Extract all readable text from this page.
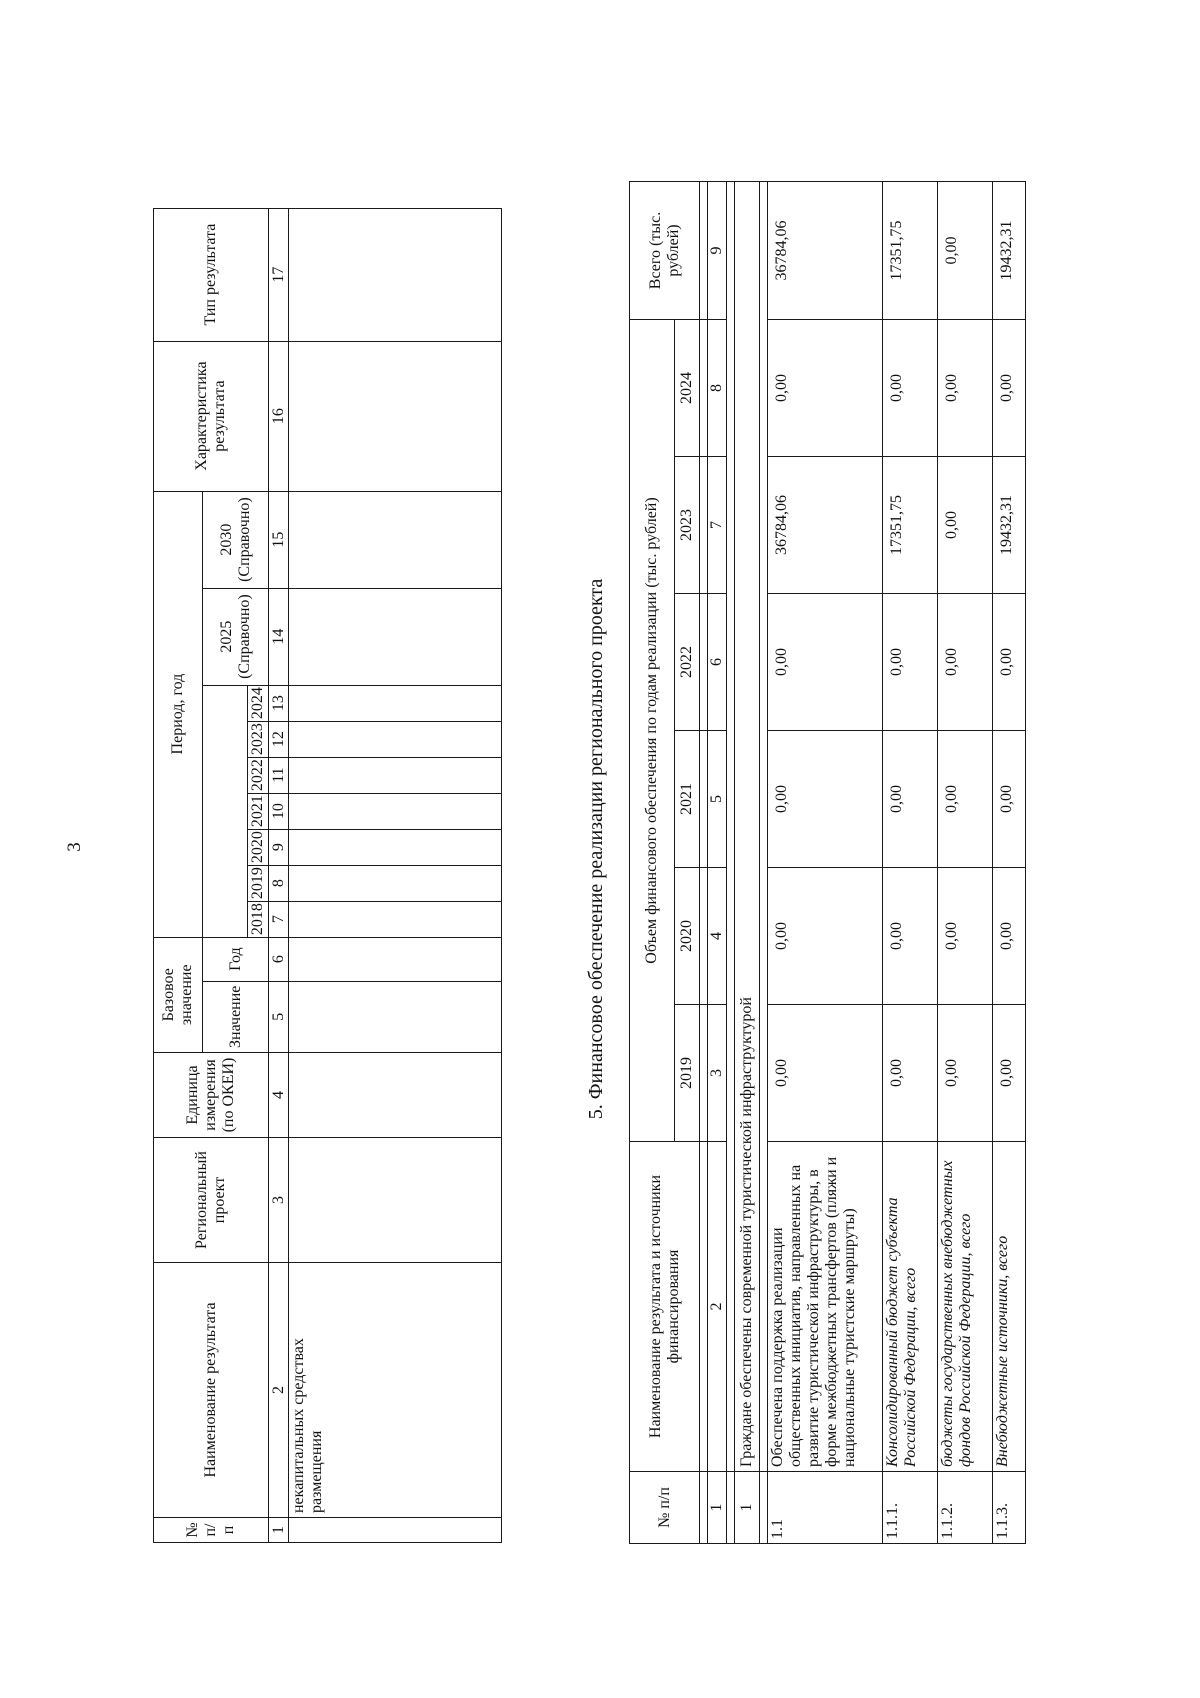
3
№ п/п	Наименование результата	Региональный проект	Единица измерения (по ОКЕИ)	Базовое значение		Период, год									Характеристика результата	Тип результата
				Значение	Год								2025 (Справочно)	2030 (Справочно)		
						2018	2019	2020	2021	2022	2023	2024				
1	2	3	4	5	6	7	8	9	10	11	12	13	14	15	16	17
	некапитальных средствах размещения															
5. Финансовое обеспечение реализации регионального проекта
№ п/п	Наименование результата и источники финансирования	Объем финансового обеспечения по годам реализации (тыс. рублей)						Всего (тыс. рублей)
		2019	2020	2021	2022	2023	2024	

1	2	3	4	5	6	7	8	9

1	Граждане обеспечены современной туристической инфраструктурой							

1.1	Обеспечена поддержка реализации общественных инициатив, направленных на развитие туристической инфраструктуры, в форме межбюджетных трансфертов (пляжи и национальные туристские маршруты)	0,00	0,00	0,00	0,00	36784,06	0,00	36784,06
1.1.1.	Консолидированный бюджет субъекта Российской Федерации, всего	0,00	0,00	0,00	0,00	17351,75	0,00	17351,75
1.1.2.	бюджеты государственных внебюджетных фондов Российской Федерации, всего	0,00	0,00	0,00	0,00	0,00	0,00	0,00
1.1.3.	Внебюджетные источники, всего	0,00	0,00	0,00	0,00	19432,31	0,00	19432,31
